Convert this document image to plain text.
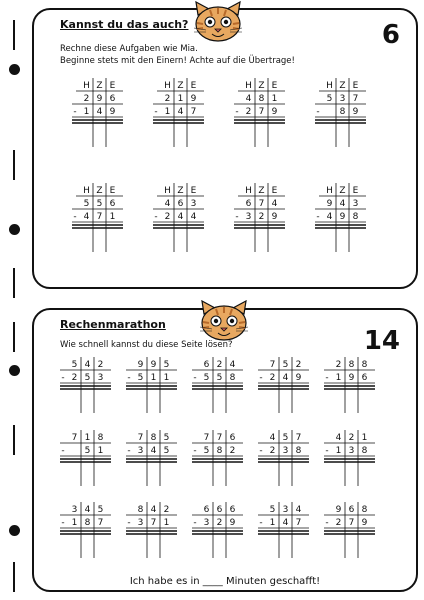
Kannst du das auch?	6
Rechne diese Aufgaben wie Mia.
Beginne stets mit den Einern! Achte auf die Übertrage!
Rechenmarathon
14
Wie schnell kannst du diese Seite lösen?
Ich habe es in ____ Minuten geschafft!
H Z E
2 9 6
1 4 9
-
H Z E
2 1 9
1 4 7
-
H Z E
4 8 1
2 7 9
-
H Z E
5 3 7
8 9
-
H Z E
5 5 6
4 7 1
-
H Z E
4 6 3
2 4 4
-
H Z E
6 7 4
3 2 9
-
H Z E
9 4 3
4 9 8
-
5 4 2
2 5 3
-
9 9 5
5 1 1
-
6 2 4
5 5 8
-
7 5 2
2 4 9
-
2 8 8
1 9 6
-
7 1 8
5 1
-
7 8 5
3 4 5
-
7 7 6
5 8 2
-
4 5 7
2 3 8
-
4 2 1
1 3 8
-
3 4 5
1 8 7
-
8 4 2
3 7 1
-
6 6 6
3 2 9
-
5 3 4
1 4 7
-
9 6 8
2 7 9
-
